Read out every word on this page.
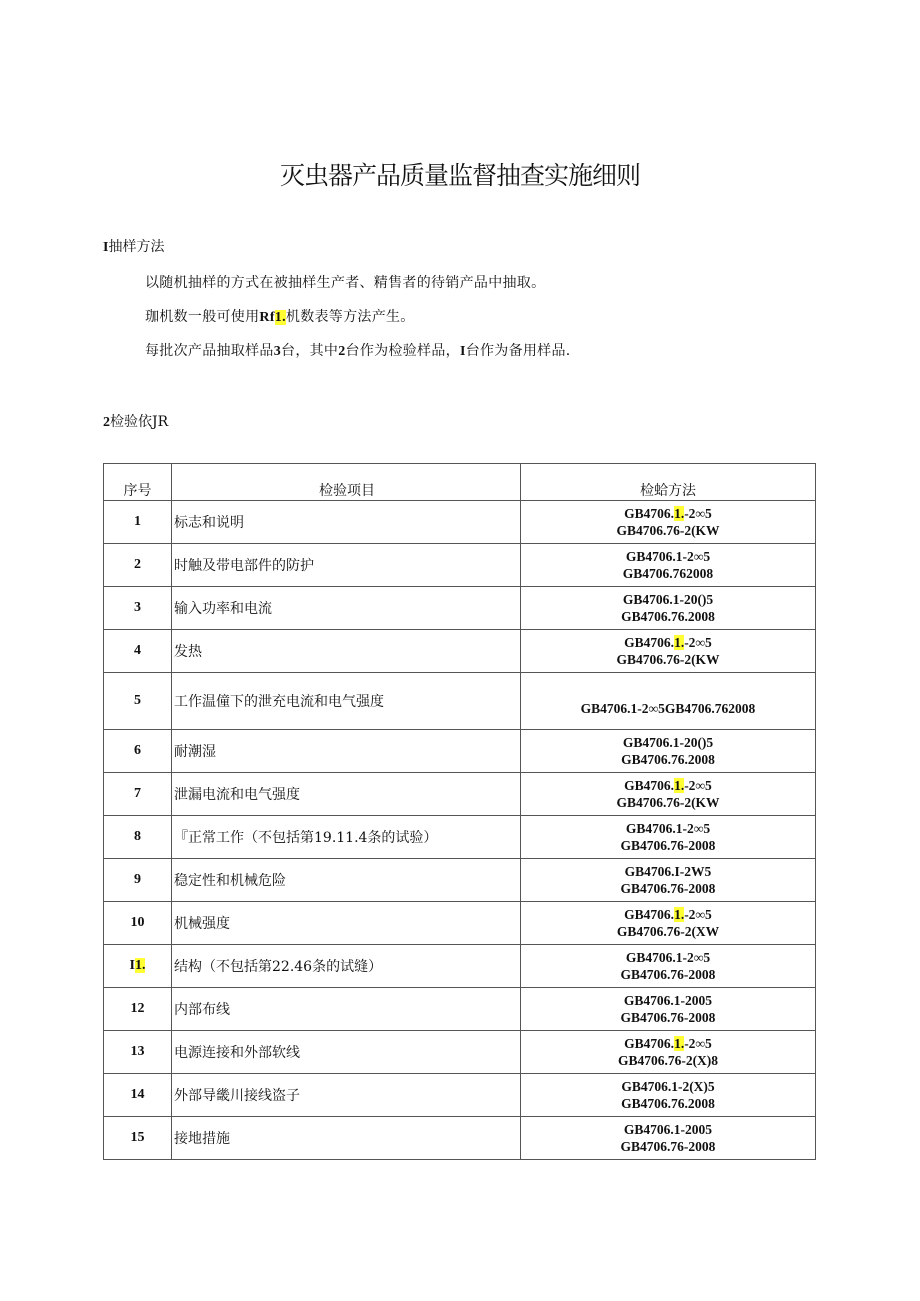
灭虫器产品质量监督抽查实施细则
I抽样方法
以随机抽样的方式在被抽样生产者、精售者的待销产品中抽取。
珈机数一般可使用Rf1.机数表等方法产生。
每批次产品抽取样品3台，其中2台作为检验样品，I台作为备用样品.
2检验依JR
序号	检验项目	检蛤方法
1	标志和说明	GB4706.1.-2∞5
GB4706.76-2(KW

2	时触及带电部件的防护	GB4706.1-2∞5
GB4706.762008

3	输入功率和电流	GB4706.1-20()5
GB4706.76.2008

4	发热	GB4706.1.-2∞5
GB4706.76-2(KW

5	工作温僮下的泄充电流和电气强度	GB4706.1-2∞5GB4706.762008

6	耐潮湿	GB4706.1-20()5
GB4706.76.2008

7	泄漏电流和电气强度	GB4706.1.-2∞5
GB4706.76-2(KW

8	『正常工作（不包括第19.11.4条的试验）	GB4706.1-2∞5
GB4706.76-2008

9	稳定性和机械危险	GB4706.I-2W5
GB4706.76-2008

10	机械强度	GB4706.1.-2∞5
GB4706.76-2(XW

I1.	结构（不包括第22.46条的试缝）	GB4706.1-2∞5
GB4706.76-2008

12	内部布线	GB4706.1-2005
GB4706.76-2008

13	电源连接和外部软线	GB4706.1.-2∞5
GB4706.76-2(X)8

14	外部导畿川接线盗子	GB4706.1-2(X)5
GB4706.76.2008

15	接地措施	GB4706.1-2005
GB4706.76-2008
